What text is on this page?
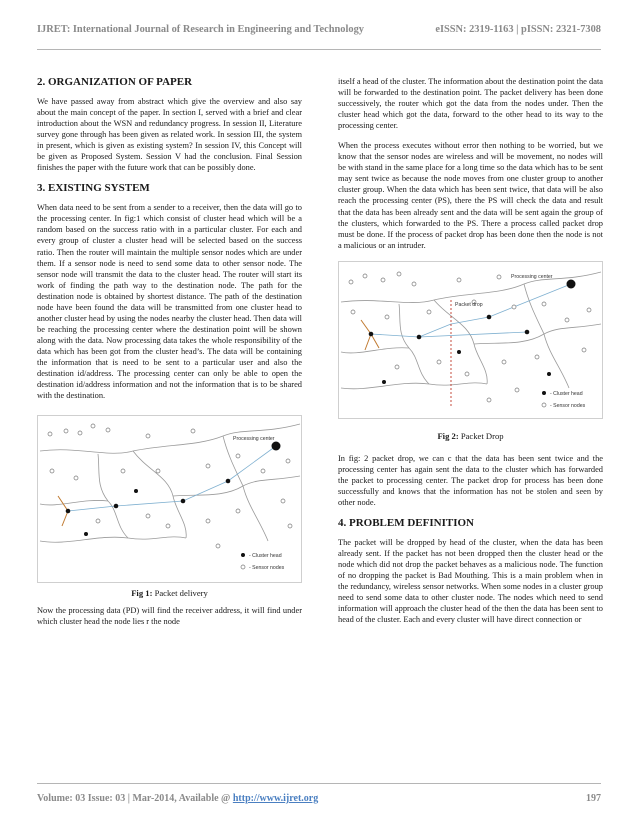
IJRET: International Journal of Research in Engineering and Technology	eISSN: 2319-1163 | pISSN: 2321-7308
2. ORGANIZATION OF PAPER

We have passed away from abstract which give the overview and also say about the main concept of the paper. In section I, served with a brief and clear introduction about the WSN and redundancy progress. In session II, Literature survey gone through has been given as related work. In session III, the system in present, which is given as existing system? In session IV, this Concept will be given as Proposed System. Session V had the conclusion. Final Session finishes the paper with the future work that can be possibly done.

3. EXISTING SYSTEM

When data need to be sent from a sender to a receiver, then the data will go to the processing center. In fig:1 which consist of cluster head which will be a random based on the success ratio with in a particular cluster. For each and every group of cluster a cluster head will be selected based on the success ratio. Then the router will maintain the multiple sensor nodes which are under them. If a sensor node is need to send some data to other sensor node. The sensor node will transmit the data to the cluster head. The router will start its work of finding the path way to the destination node. The path for the destination node is obtained by shortest distance. The path of the destination node have been found the data will be transmitted from one cluster head to another cluster head by using the nodes nearby the cluster head. Then data will be reaching the processing center where the destination point will be shown along with the data. Now processing data takes the whole responsibility of the data which has been got from the cluster head’s. The data will be containing the information that is need to be sent to a particular user and also the destination id/address. The processing center can only be able to open the destination id/address information and not the information that is to be shared with the destination.

Processing center
- Cluster head
- Sensor nodes
Fig 1: Packet delivery

Now the processing data (PD) will find the receiver address, it will find under which cluster head the node lies r the node

itself a head of the cluster. The information about the destination point the data will be forwarded to the destination point. The packet delivery has been done successively, the router which got the data from the nodes under. Then the cluster head which got the data, forward to the other head to its way to the processing center.

When the process executes without error then nothing to be worried, but we know that the sensor nodes are wireless and will be movement, no nodes will be with stand in the same place for a long time so the data which has to be sent may sent twice as because the node moves from one cluster group to another cluster group. When the data which has been sent twice, that data will be also reach the processing center (PS), there the PS will check the data and result that the data has been already sent and the data will be sent again the group of the clusters, which forwarded to the PS. There a process called packet drop must be done. If the process of packet drop has been done then the node is not a malicious or an intruder.

Processing center
Packet drop
- Cluster head
- Sensor nodes
Fig 2: Packet Drop

In fig: 2 packet drop, we can c that the data has been sent twice and the processing center has again sent the data to the cluster which has forwarded the packet to processing center. The packet drop for process has been done successfully and knows that the information has not be stolen and seen by other node.

4. PROBLEM DEFINITION

The packet will be dropped by head of the cluster, when the data has been already sent. If the packet has not been dropped then the cluster head or the node which did not drop the packet behaves as a malicious node. The function of no dropping the packet is Bad Mouthing. This is a main problem when in the redundancy, wireless sensor networks. When some nodes in a cluster group need to send some data to other cluster node. The nodes which need to send information will approach the cluster head of the then the data has been sent to head of the cluster. Each and every cluster will have direct connection or

Volume: 03 Issue: 03 | Mar-2014, Available @ http://www.ijret.org	197
